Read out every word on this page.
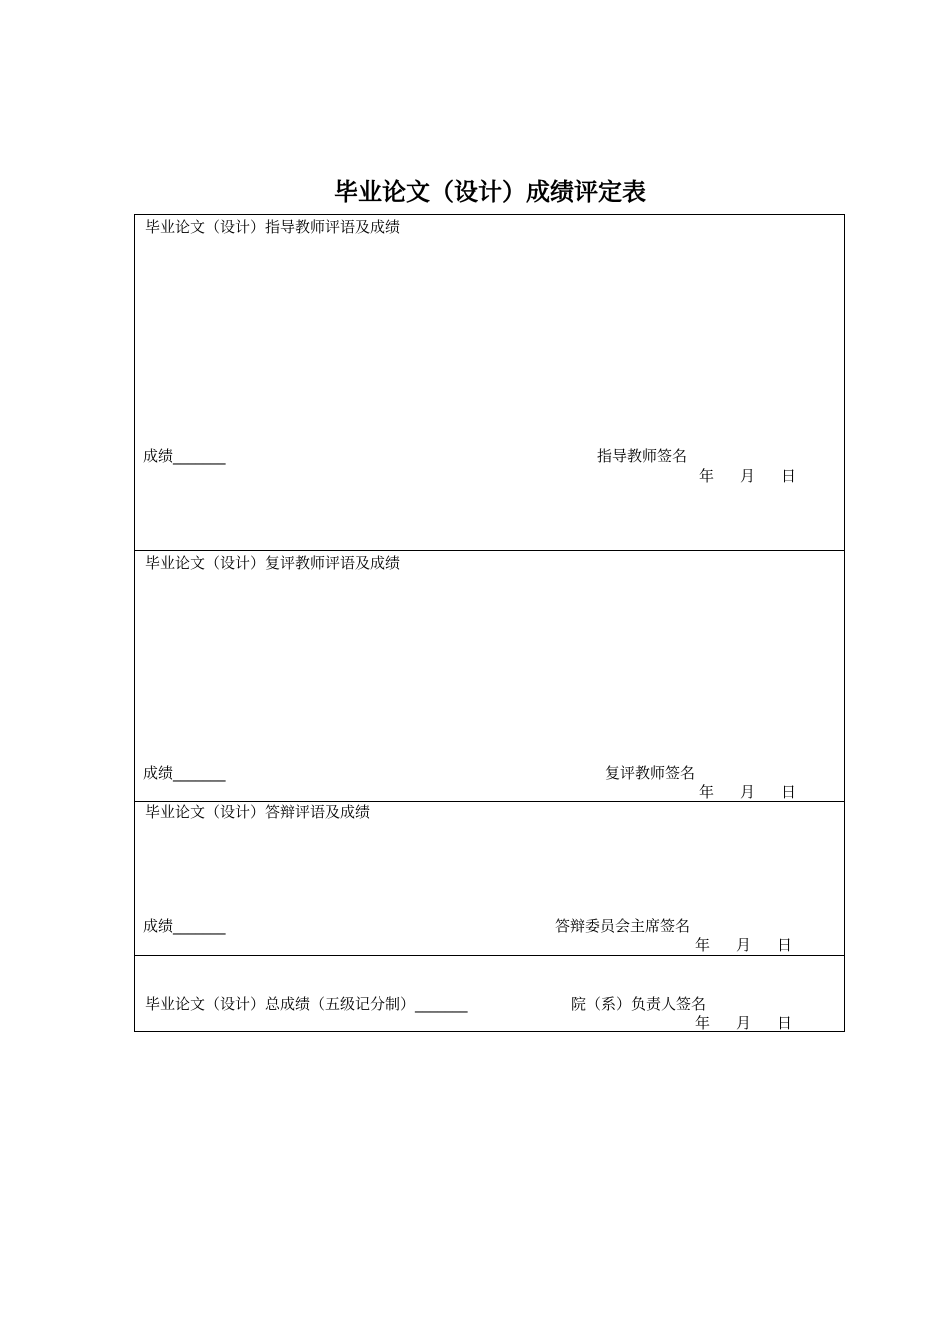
毕业论文（设计）成绩评定表
毕业论文（设计）指导教师评语及成绩
成绩_______	指导教师签名
年 月 日
毕业论文（设计）复评教师评语及成绩
成绩_______	复评教师签名
年 月 日
毕业论文（设计）答辩评语及成绩
成绩_______	答辩委员会主席签名
年 月 日
毕业论文（设计）总成绩（五级记分制）_______	院（系）负责人签名
年 月 日
